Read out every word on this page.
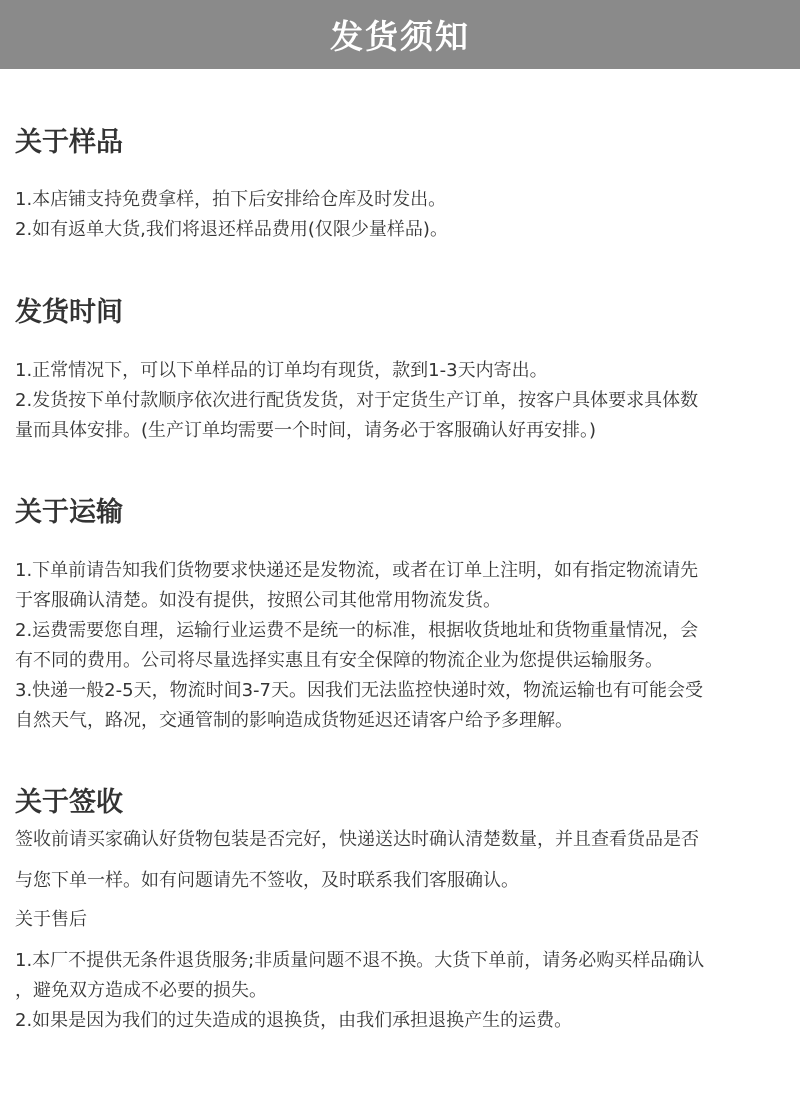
发货须知
关于样品
1.本店铺支持免费拿样，拍下后安排给仓库及时发出。
2.如有返单大货,我们将退还样品费用(仅限少量样品)。
发货时间
1.正常情况下，可以下单样品的订单均有现货，款到1-3天内寄出。
2.发货按下单付款顺序依次进行配货发货，对于定货生产订单，按客户具体要求具体数
量而具体安排。(生产订单均需要一个时间，请务必于客服确认好再安排。)
关于运输
1.下单前请告知我们货物要求快递还是发物流，或者在订单上注明，如有指定物流请先
于客服确认清楚。如没有提供，按照公司其他常用物流发货。
2.运费需要您自理，运输行业运费不是统一的标准，根据收货地址和货物重量情况，会
有不同的费用。公司将尽量选择实惠且有安全保障的物流企业为您提供运输服务。
3.快递一般2-5天，物流时间3-7天。因我们无法监控快递时效，物流运输也有可能会受
自然天气，路况，交通管制的影响造成货物延迟还请客户给予多理解。
关于签收
签收前请买家确认好货物包装是否完好，快递送达时确认清楚数量，并且查看货品是否
与您下单一样。如有问题请先不签收，及时联系我们客服确认。
关于售后
1.本厂不提供无条件退货服务;非质量问题不退不换。大货下单前，请务必购买样品确认
，避免双方造成不必要的损失。
2.如果是因为我们的过失造成的退换货，由我们承担退换产生的运费。
